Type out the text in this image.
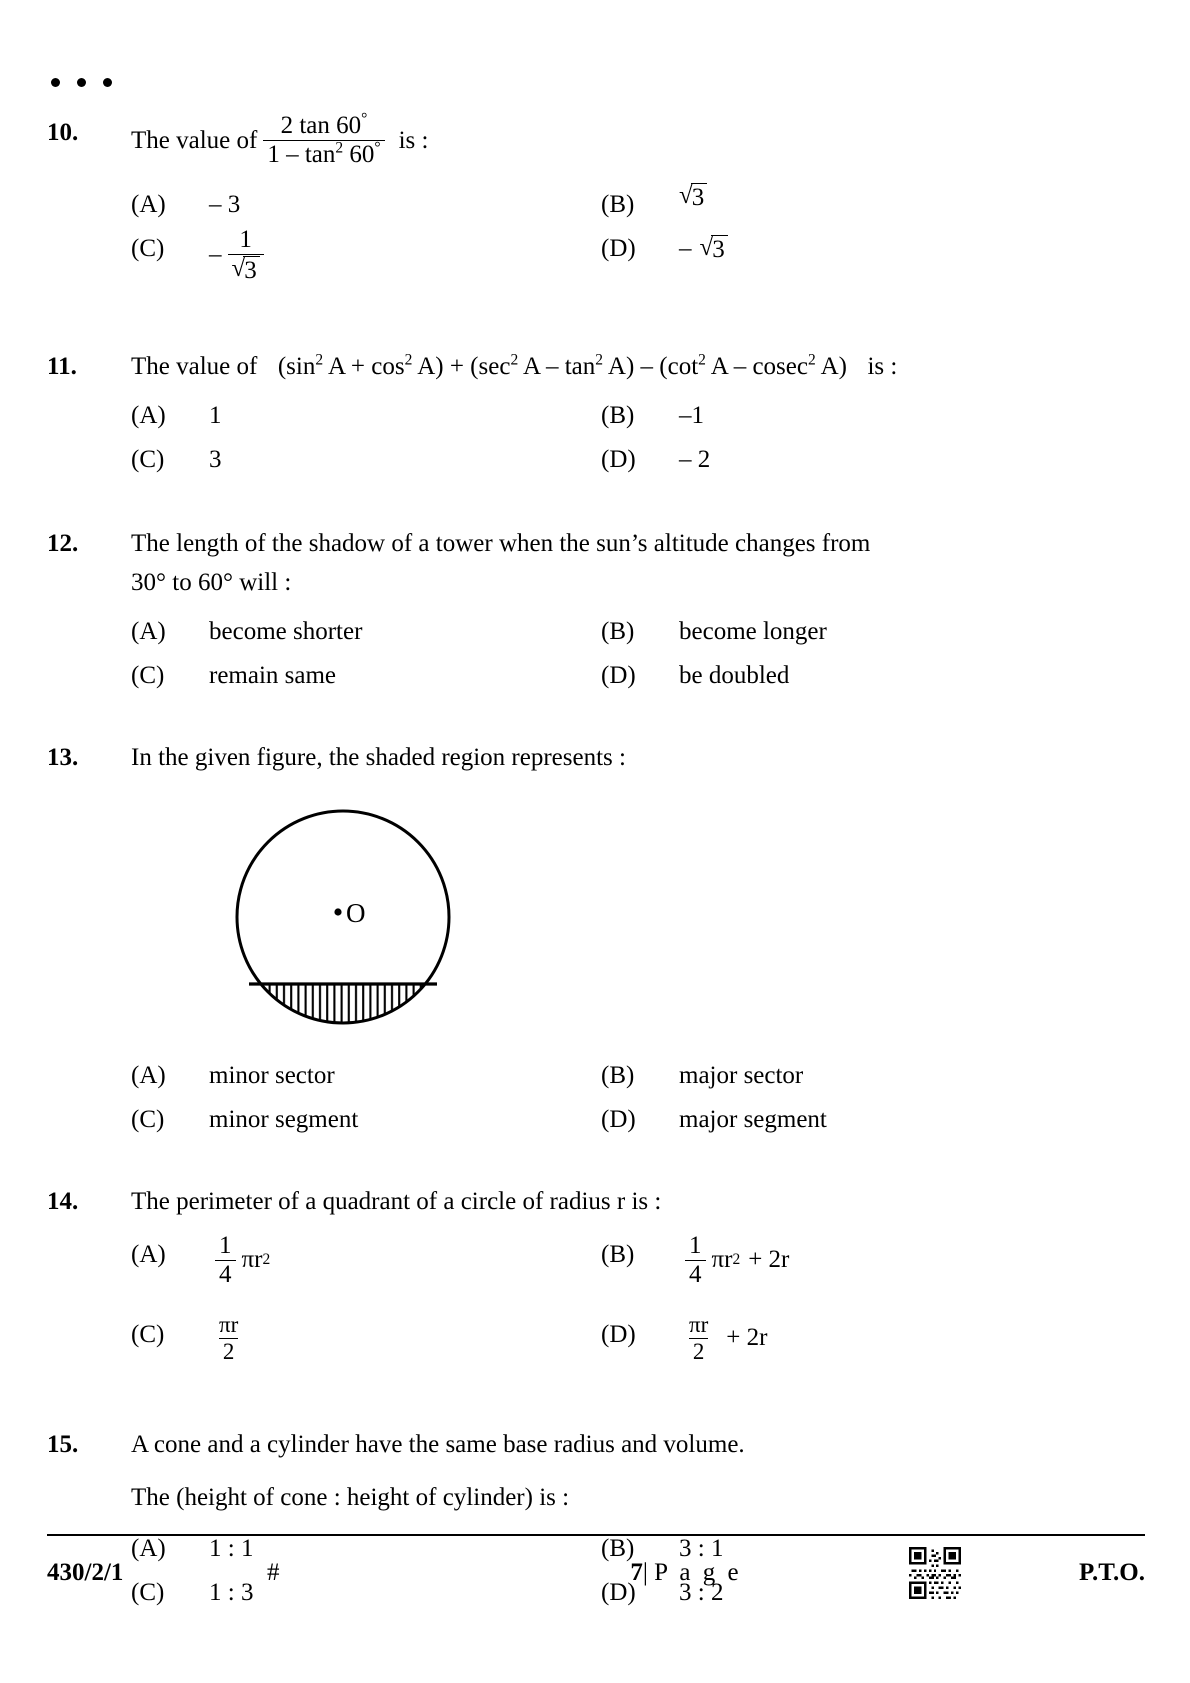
10.	The value of $\frac{2 \tan 60^\circ}{1 - \tan^2 60^\circ}$ is :
(A)	– 3	(B)	√ 3
(C)	– $\frac{1}{√ 3}$	(D)	– √ 3
11.	The value of ($\sin^2$ $A + \cos^2 A) + (\sec^2$ A – $\tan^2 A) - (\cot^2$ A – cosec$^2$ A) is :
(A)	1	(B)	–1
(C)	3	(D)	– 2
12.	The length of the shadow of a tower when the sun’s altitude changes from
30° to 60° will :
(A)	become shorter	(B)	become longer
(C)	remain same	(D)	be doubled
13.	In the given figure, the shaded region represents :
O
(A)	minor sector	(B)	major sector
(C)	minor segment	(D)	major segment
14.	The perimeter of a quadrant of a circle of radius r is :
(A)	$\frac{1}{4}$ πr 2	(B)	$\frac{1}{4}$ πr 2 + 2r
(C)	$\frac{\pi r}{2}$	(D)	$\frac{\pi r}{2} + 2r$
15.	A cone and a cylinder have the same base radius and volume.
The (height of cone : height of cylinder) is :
(A)	1 : 1	(B)	3 : 1
(C)	1 : 3	(D)	3 : 2
430/2/1	#	7| P a g e	P.T.O.
